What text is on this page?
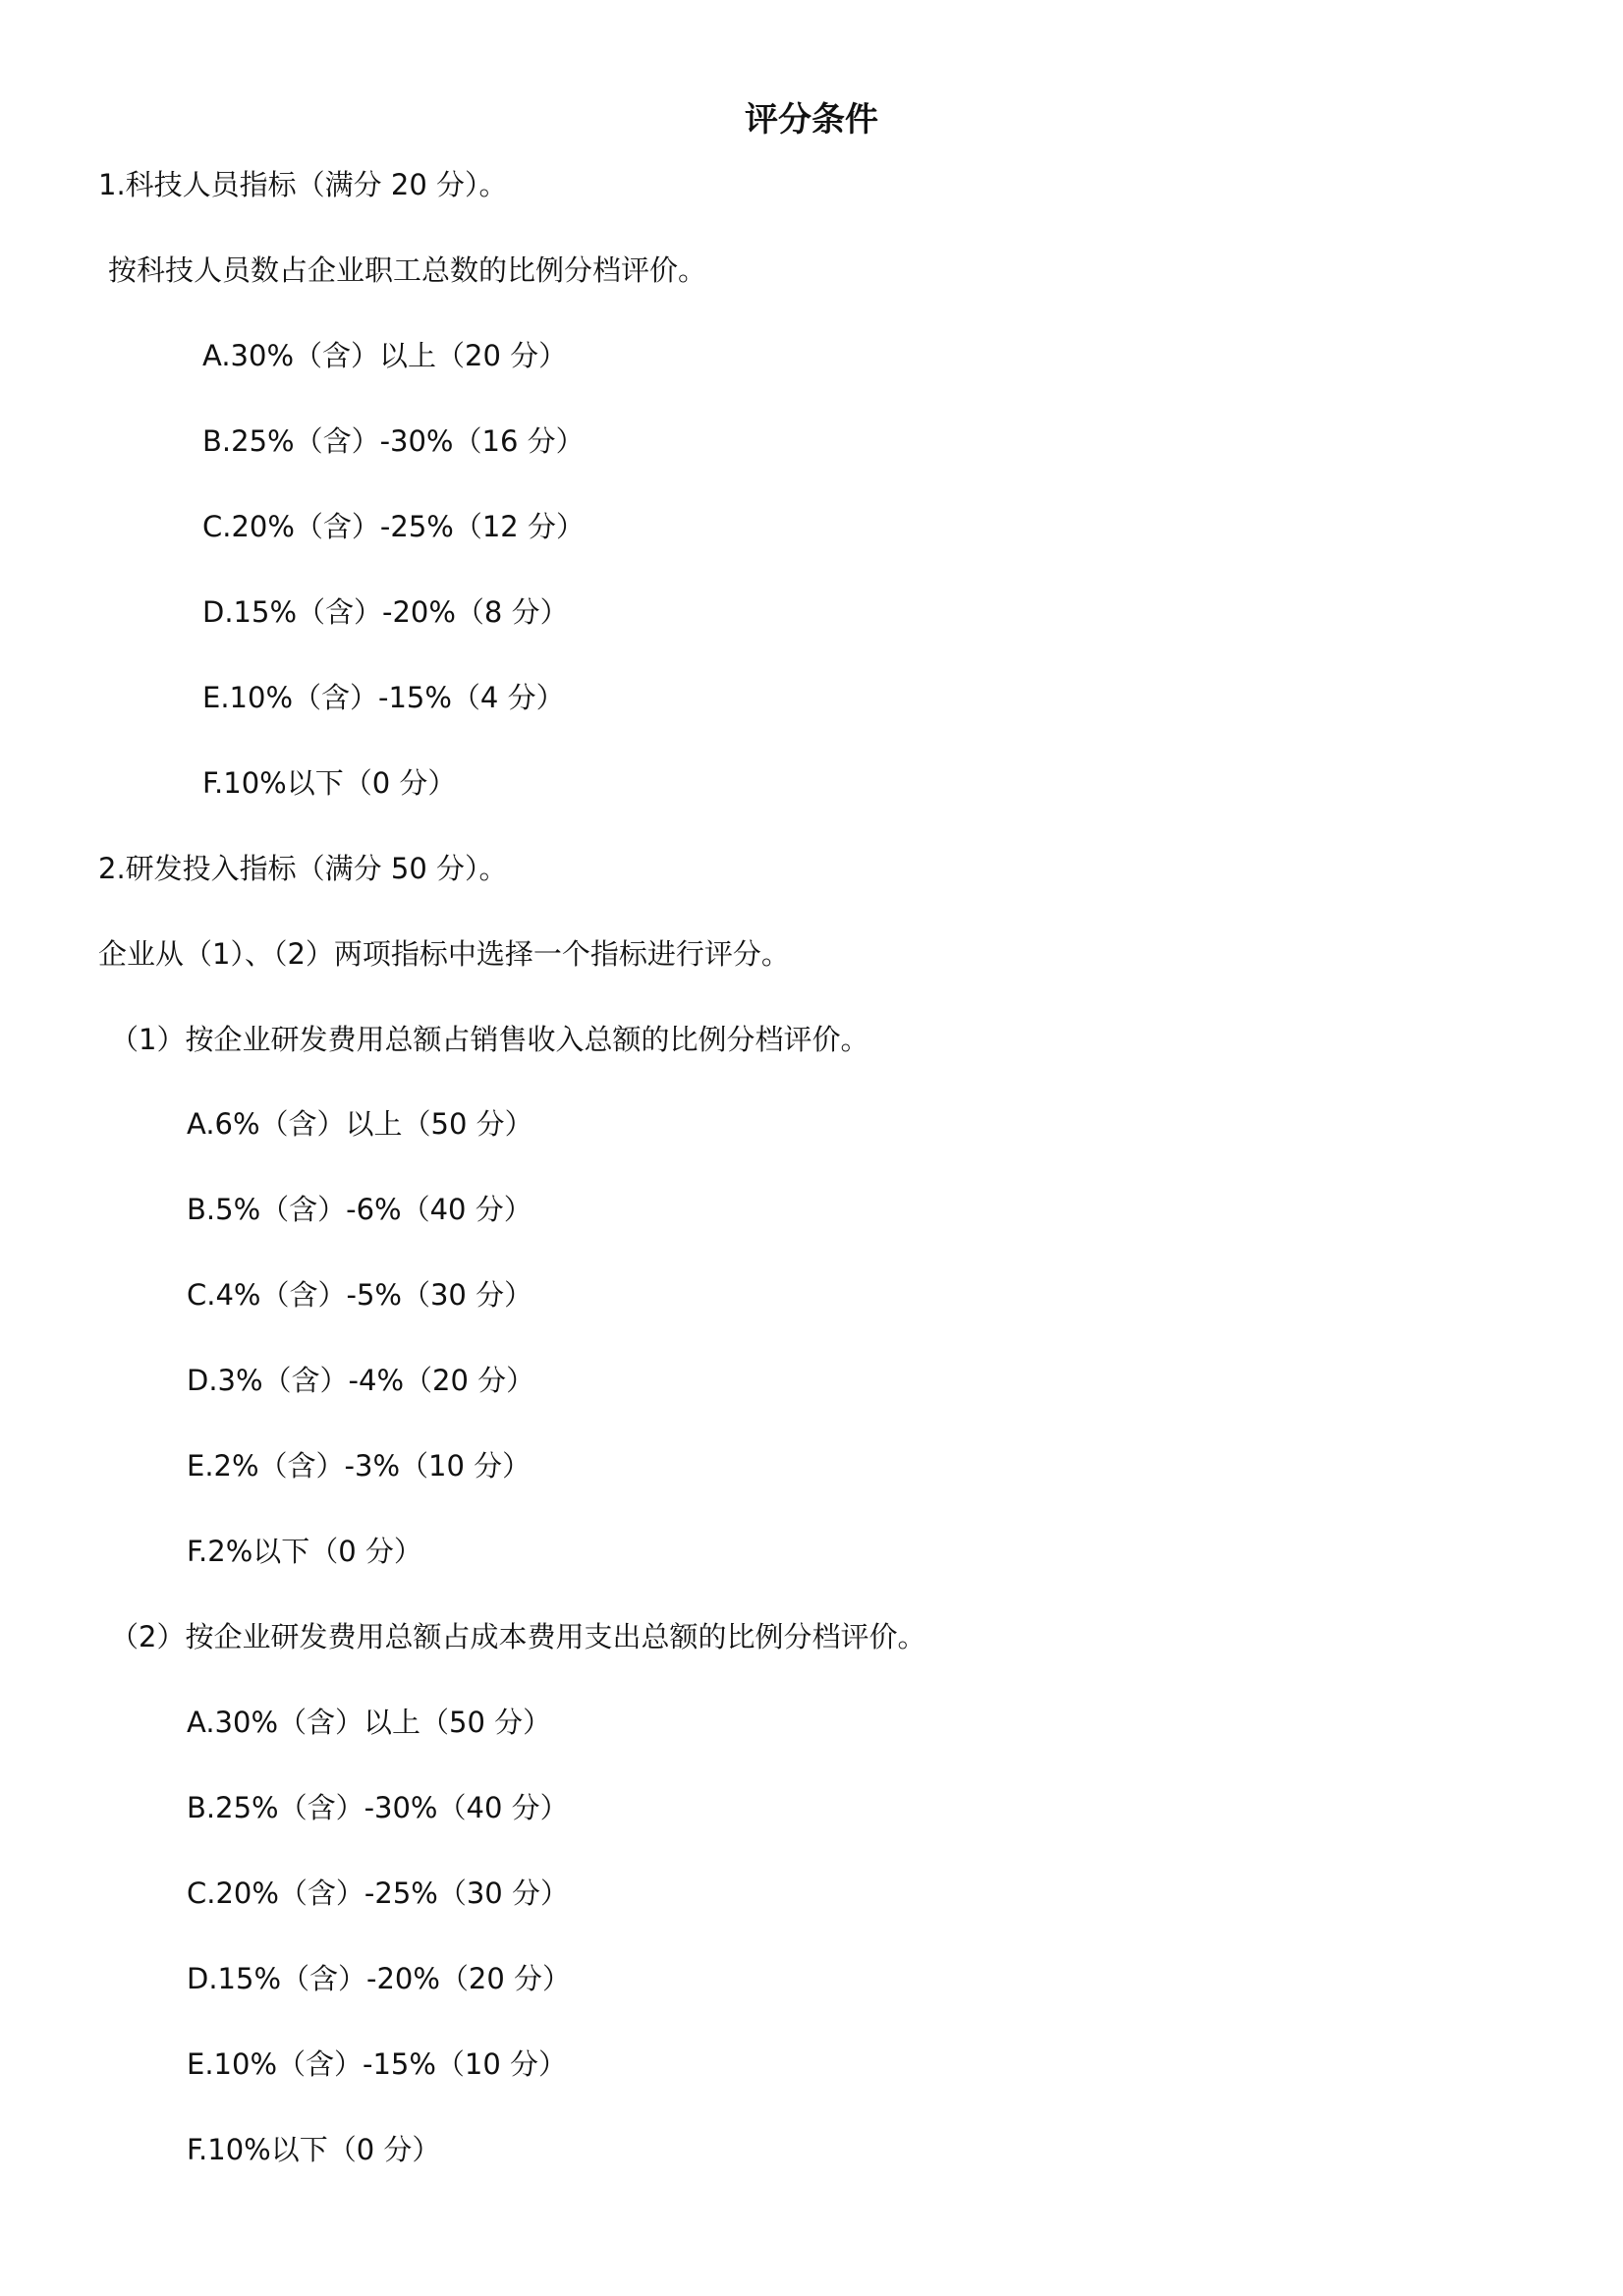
评分条件
1.科技人员指标（满分 20 分）。
按科技人员数占企业职工总数的比例分档评价。
A.30%（含）以上（20 分）
B.25%（含）-30%（16 分）
C.20%（含）-25%（12 分）
D.15%（含）-20%（8 分）
E.10%（含）-15%（4 分）
F.10%以下（0 分）
2.研发投入指标（满分 50 分）。
企业从（1）、（2）两项指标中选择一个指标进行评分。
（1）按企业研发费用总额占销售收入总额的比例分档评价。
A.6%（含）以上（50 分）
B.5%（含）-6%（40 分）
C.4%（含）-5%（30 分）
D.3%（含）-4%（20 分）
E.2%（含）-3%（10 分）
F.2%以下（0 分）
（2）按企业研发费用总额占成本费用支出总额的比例分档评价。
A.30%（含）以上（50 分）
B.25%（含）-30%（40 分）
C.20%（含）-25%（30 分）
D.15%（含）-20%（20 分）
E.10%（含）-15%（10 分）
F.10%以下（0 分）
